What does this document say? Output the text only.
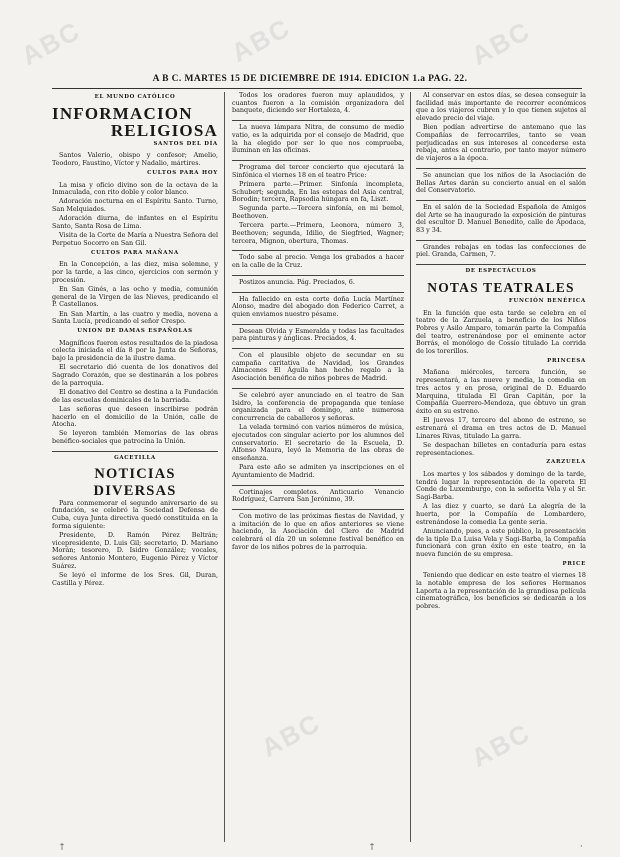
ABC	ABC	ABC
ABC	ABC
A B C. MARTES 15 DE DICIEMBRE DE 1914. EDICION 1.a PAG. 22.
EL MUNDO CATÓLICO
INFORMACION
RELIGIOSA
SANTOS DEL DÍA

Santos Valerio, obispo y confesor; Amelio, Teodoro, Faustino, Víctor y Nadalio, mártires.

CULTOS PARA HOY

La misa y oficio divino son de la octava de la Inmaculada, con rito doble y color blanco.

Adoración nocturna en el Espíritu Santo. Turno, San Melquiades.

Adoración diurna, de infantes en el Espíritu Santo, Santa Rosa de Lima.

Visita de la Corte de María a Nuestra Señora del Perpetuo Socorro en San Gil.

CULTOS PARA MAÑANA

En la Concepción, a las diez, misa solemne, y por la tarde, a las cinco, ejercicios con sermón y procesión.

En San Ginés, a las ocho y media, comunión general de la Virgen de las Nieves, predicando el P. Castellanos.

En San Martín, a las cuatro y media, novena a Santa Lucía, predicando el señor Crespo.

UNION DE DAMAS ESPAÑOLAS

Magníficos fueron estos resultados de la piadosa colecta iniciada el día 8 por la Junta de Señoras, bajo la presidencia de la ilustre dama.

El secretario dió cuenta de los donativos del Sagrado Corazón, que se destinarán a los pobres de la parroquia.

El donativo del Centro se destina a la Fundación de las escuelas dominicales de la barriada.

Las señoras que deseen inscribirse podrán hacerlo en el domicilio de la Unión, calle de Atocha.

Se leyeron también Memorias de las obras benéfico-sociales que patrocina la Unión.

GACETILLA
NOTICIAS DIVERSAS

Para conmemorar el segundo aniversario de su fundación, se celebró la Sociedad Defensa de Cuba, cuya Junta directiva quedó constituida en la forma siguiente:

Presidente, D. Ramón Pérez Beltrán; vicepresidente, D. Luis Gil; secretario, D. Mariano Morán; tesorero, D. Isidro González; vocales, señores Antonio Montero, Eugenio Pérez y Víctor Suárez.

Se leyó el informe de los Sres. Gil, Duran, Castilla y Pérez.

Todos los oradores fueron muy aplaudidos, y cuantos fueron a la comisión organizadora del banquete, diciendo ser Hortaleza, 4.

La nueva lámpara Nitra, de consumo de medio vatio, es la adquirida por el consejo de Madrid, que la ha elegido por ser lo que nos comprueba, iluminan en las oficinas.

Programa del tercer concierto que ejecutará la Sinfónica el viernes 18 en el teatro Price:

Primera parte.—Primer. Sinfonía incompleta, Schubert; segunda, En las estepas del Asia central, Borodin; tercera, Rapsodia húngara en fa, Liszt.

Segunda parte.—Tercera sinfonía, en mi bemol, Beethoven.

Tercera parte.—Primera, Leonora, número 3, Beethoven; segunda, Idilio, de Siegfried, Wagner; tercera, Mignon, obertura, Thomas.

Todo sabe al precio. Venga los grabados a hacer en la calle de la Cruz.

Postizos anuncia. Pág. Preciados, 6.

Ha fallecido en esta corte doña Lucía Martínez Alonso, madre del abogado don Federico Carret, a quien enviamos nuestro pésame.

Desean Olvida y Esmeralda y todas las facultades para pinturas y ánglicas. Preciados, 4.

Con el plausible objeto de secundar en su campaña caritativa de Navidad, los Grandes Almacenes El Águila han hecho regalo a la Asociación benéfica de niños pobres de Madrid.

Se celebró ayer anunciado en el teatro de San Isidro, la conferencia de propaganda que teníase organizada para el domingo, ante numerosa concurrencia de caballeros y señoras.

La velada terminó con varios números de música, ejecutados con singular acierto por los alumnos del conservatorio. El secretario de la Escuela, D. Alfonso Maura, leyó la Memoria de las obras de enseñanza.

Para este año se admiten ya inscripciones en el Ayuntamiento de Madrid.

Cortinajes completos. Anticuario Venancio Rodríguez, Carrera San Jerónimo, 39.

Con motivo de las próximas fiestas de Navidad, y a imitación de lo que en años anteriores se viene haciendo, la Asociación del Clero de Madrid celebrará el día 20 un solemne festival benéfico en favor de los niños pobres de la parroquia.

Al conservar en estos días, se desea conseguir la facilidad más importante de recorrer económicos que a los viajeros cubren y lo que tienen sujetos al elevado precio del viaje.

Bien podían advertirse de antemano que las Compañías de ferrocarriles, tanto se vean perjudicadas en sus intereses al concederse esta rebaja, antes al contrario, por tanto mayor número de viajeros a la época.

Se anuncian que los niños de la Asociación de Bellas Artes darán su concierto anual en el salón del Conservatorio.

En el salón de la Sociedad Española de Amigos del Arte se ha inaugurado la exposición de pinturas del escultor D. Manuel Benedito, calle de Apodaca, 83 y 34.

Grandes rebajas en todas las confecciones de piel. Granda, Carmen, 7.

DE ESPECTÁCULOS
NOTAS TEATRALES
FUNCIÓN BENÉFICA

En la función que esta tarde se celebra en el teatro de la Zarzuela, a beneficio de los Niños Pobres y Asilo Amparo, tomarán parte la Compañía del teatro, estrenándose por el eminente actor Borrás, el monólogo de Cossío titulado La corrida de los torerillos.

PRINCESA

Mañana miércoles, tercera función, se representará, a las nueve y media, la comedia en tres actos y en prosa, original de D. Eduardo Marquina, titulada El Gran Capitán, por la Compañía Guerrero-Mendoza, que obtuvo un gran éxito en su estreno.

El jueves 17, tercero del abono de estreno, se estrenará el drama en tres actos de D. Manuel Linares Rivas, titulado La garra.

Se despachan billetes en contaduría para estas representaciones.

ZARZUELA

Los martes y los sábados y domingo de la tarde, tendrá lugar la representación de la opereta El Conde de Luxemburgo, con la señorita Vela y el Sr. Sagi-Barba.

A las diez y cuarto, se dará La alegría de la huerta, por la Compañía de Lombardero, estrenándose la comedia La gente seria.

Anunciando, pues, a este público, la presentación de la tiple D.a Luisa Vela y Sagi-Barba, la Compañía funcionará con gran éxito en este teatro, en la nueva función de su empresa.

PRICE

Teniendo que dedicar en este teatro el viernes 18 la notable empresa de los señores Hermanos Laporta a la representación de la grandiosa película cinematográfica, los beneficios se dedicarán a los pobres.

†	†	·
